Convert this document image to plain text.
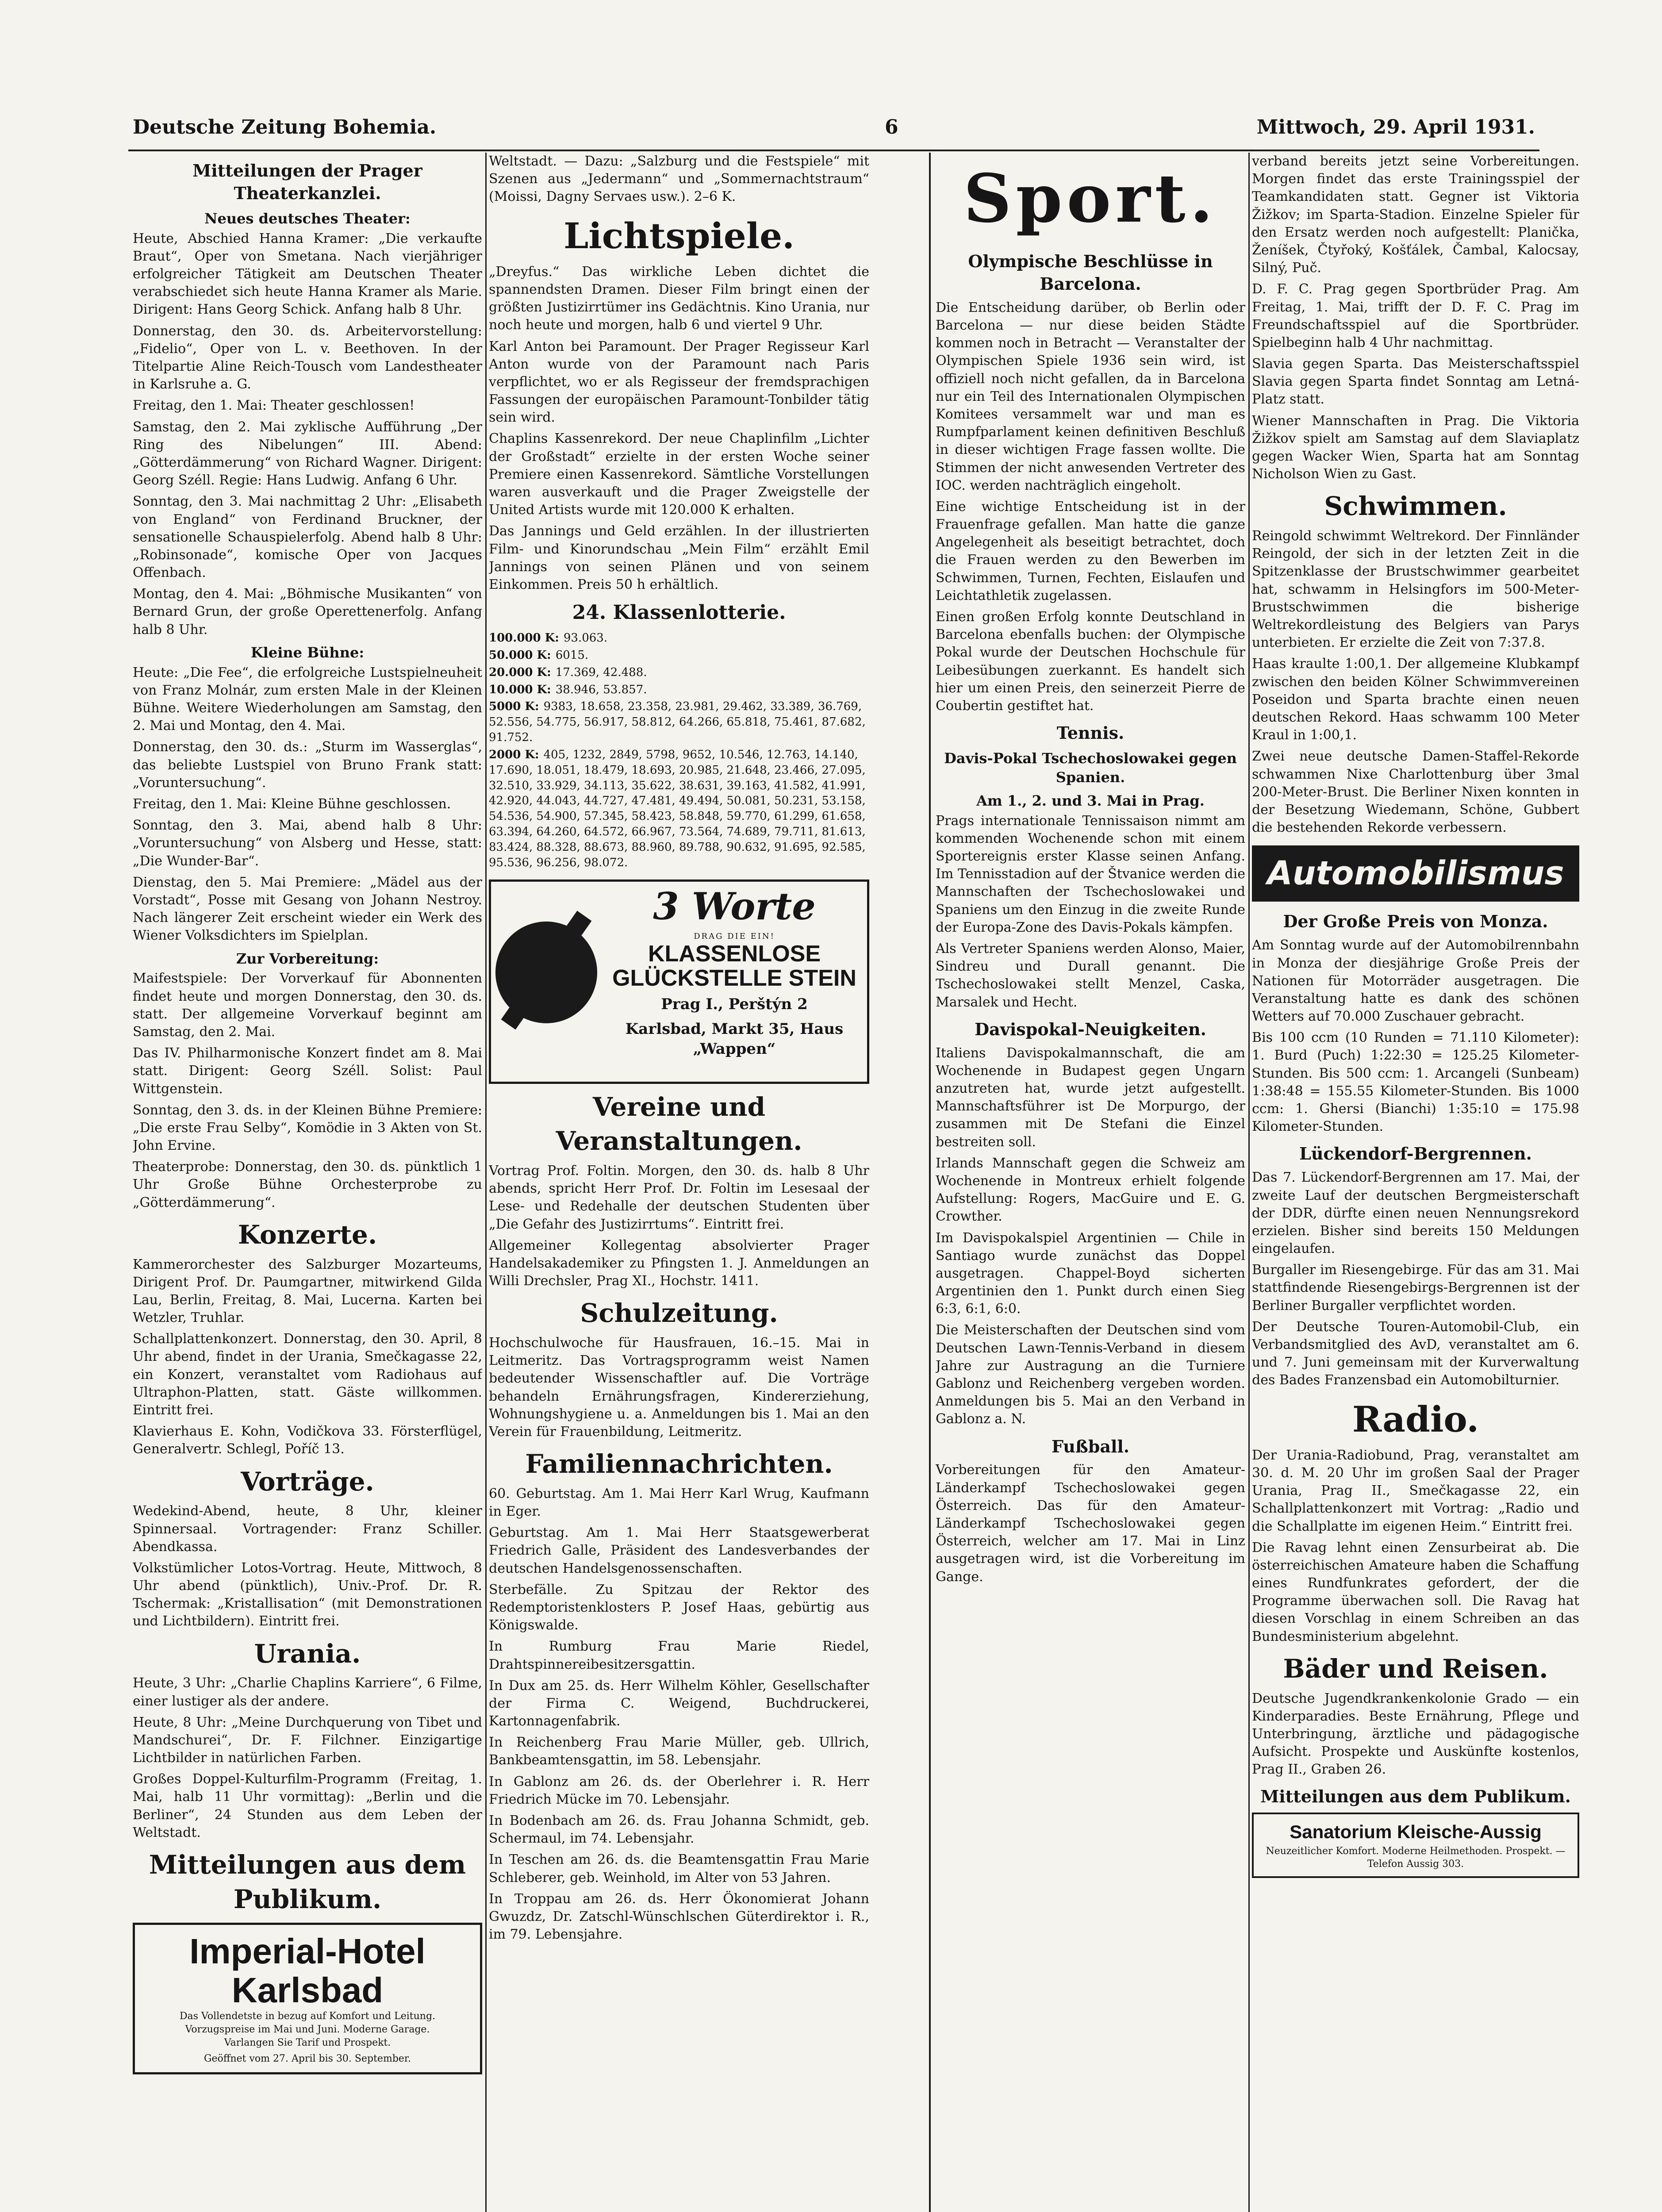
Deutsche Zeitung Bohemia.	6	Mittwoch, 29. April 1931.
Mitteilungen der Prager Theaterkanzlei.
Neues deutsches Theater:

Heute, Abschied Hanna Kramer: „Die verkaufte Braut“, Oper von Smetana. Nach vierjähriger erfolgreicher Tätigkeit am Deutschen Theater verabschiedet sich heute Hanna Kramer als Marie. Dirigent: Hans Georg Schick. Anfang halb 8 Uhr.

Donnerstag, den 30. ds. Arbeitervorstellung: „Fidelio“, Oper von L. v. Beethoven. In der Titelpartie Aline Reich-Tousch vom Landestheater in Karlsruhe a. G.

Freitag, den 1. Mai: Theater geschlossen!

Samstag, den 2. Mai zyklische Aufführung „Der Ring des Nibelungen“ III. Abend: „Götterdämmerung“ von Richard Wagner. Dirigent: Georg Széll. Regie: Hans Ludwig. Anfang 6 Uhr.

Sonntag, den 3. Mai nachmittag 2 Uhr: „Elisabeth von England“ von Ferdinand Bruckner, der sensationelle Schauspielerfolg. Abend halb 8 Uhr: „Robinsonade“, komische Oper von Jacques Offenbach.

Montag, den 4. Mai: „Böhmische Musikanten“ von Bernard Grun, der große Operettenerfolg. Anfang halb 8 Uhr.

Kleine Bühne:

Heute: „Die Fee“, die erfolgreiche Lustspielneuheit von Franz Molnár, zum ersten Male in der Kleinen Bühne. Weitere Wiederholungen am Samstag, den 2. Mai und Montag, den 4. Mai.

Donnerstag, den 30. ds.: „Sturm im Wasserglas“, das beliebte Lustspiel von Bruno Frank statt: „Voruntersuchung“.

Freitag, den 1. Mai: Kleine Bühne geschlossen.

Sonntag, den 3. Mai, abend halb 8 Uhr: „Voruntersuchung“ von Alsberg und Hesse, statt: „Die Wunder-Bar“.

Dienstag, den 5. Mai Premiere: „Mädel aus der Vorstadt“, Posse mit Gesang von Johann Nestroy. Nach längerer Zeit erscheint wieder ein Werk des Wiener Volksdichters im Spielplan.

Zur Vorbereitung:

Maifestspiele: Der Vorverkauf für Abonnenten findet heute und morgen Donnerstag, den 30. ds. statt. Der allgemeine Vorverkauf beginnt am Samstag, den 2. Mai.

Das IV. Philharmonische Konzert findet am 8. Mai statt. Dirigent: Georg Széll. Solist: Paul Wittgenstein.

Sonntag, den 3. ds. in der Kleinen Bühne Premiere: „Die erste Frau Selby“, Komödie in 3 Akten von St. John Ervine.

Theaterprobe: Donnerstag, den 30. ds. pünktlich 1 Uhr Große Bühne Orchesterprobe zu „Götterdämmerung“.

Konzerte.

Kammerorchester des Salzburger Mozarteums, Dirigent Prof. Dr. Paumgartner, mitwirkend Gilda Lau, Berlin, Freitag, 8. Mai, Lucerna. Karten bei Wetzler, Truhlar.

Schallplattenkonzert. Donnerstag, den 30. April, 8 Uhr abend, findet in der Urania, Smečkagasse 22, ein Konzert, veranstaltet vom Radiohaus auf Ultraphon-Platten, statt. Gäste willkommen. Eintritt frei.

Klavierhaus E. Kohn, Vodičkova 33. Försterflügel, Generalvertr. Schlegl, Poříč 13.

Vorträge.

Wedekind-Abend, heute, 8 Uhr, kleiner Spinnersaal. Vortragender: Franz Schiller. Abendkassa.

Volkstümlicher Lotos-Vortrag. Heute, Mittwoch, 8 Uhr abend (pünktlich), Univ.-Prof. Dr. R. Tschermak: „Kristallisation“ (mit Demonstrationen und Lichtbildern). Eintritt frei.

Urania.

Heute, 3 Uhr: „Charlie Chaplins Karriere“, 6 Filme, einer lustiger als der andere.

Heute, 8 Uhr: „Meine Durchquerung von Tibet und Mandschurei“, Dr. F. Filchner. Einzigartige Lichtbilder in natürlichen Farben.

Großes Doppel-Kulturfilm-Programm (Freitag, 1. Mai, halb 11 Uhr vormittag): „Berlin und die Berliner“, 24 Stunden aus dem Leben der Weltstadt.

Mitteilungen aus dem Publikum.
Imperial-Hotel Karlsbad
Das Vollendetste in bezug auf Komfort und Leitung.
Vorzugspreise im Mai und Juni. Moderne Garage.
Varlangen Sie Tarif und Prospekt.
Geöffnet vom 27. April bis 30. September.

Weltstadt. — Dazu: „Salzburg und die Festspiele“ mit Szenen aus „Jedermann“ und „Sommernachtstraum“ (Moissi, Dagny Servaes usw.). 2–6 K.

Lichtspiele.

„Dreyfus.“ Das wirkliche Leben dichtet die spannendsten Dramen. Dieser Film bringt einen der größten Justizirrtümer ins Gedächtnis. Kino Urania, nur noch heute und morgen, halb 6 und viertel 9 Uhr.

Karl Anton bei Paramount. Der Prager Regisseur Karl Anton wurde von der Paramount nach Paris verpflichtet, wo er als Regisseur der fremdsprachigen Fassungen der europäischen Paramount-Tonbilder tätig sein wird.

Chaplins Kassenrekord. Der neue Chaplinfilm „Lichter der Großstadt“ erzielte in der ersten Woche seiner Premiere einen Kassenrekord. Sämtliche Vorstellungen waren ausverkauft und die Prager Zweigstelle der United Artists wurde mit 120.000 K erhalten.

Das Jannings und Geld erzählen. In der illustrierten Film- und Kinorundschau „Mein Film“ erzählt Emil Jannings von seinen Plänen und von seinem Einkommen. Preis 50 h erhältlich.

24. Klassenlotterie.
100.000 K: 93.063.
50.000 K: 6015.
20.000 K: 17.369, 42.488.
10.000 K: 38.946, 53.857.
5000 K: 9383, 18.658, 23.358, 23.981, 29.462, 33.389, 36.769, 52.556, 54.775, 56.917, 58.812, 64.266, 65.818, 75.461, 87.682, 91.752.
2000 K: 405, 1232, 2849, 5798, 9652, 10.546, 12.763, 14.140, 17.690, 18.051, 18.479, 18.693, 20.985, 21.648, 23.466, 27.095, 32.510, 33.929, 34.113, 35.622, 38.631, 39.163, 41.582, 41.991, 42.920, 44.043, 44.727, 47.481, 49.494, 50.081, 50.231, 53.158, 54.536, 54.900, 57.345, 58.423, 58.848, 59.770, 61.299, 61.658, 63.394, 64.260, 64.572, 66.967, 73.564, 74.689, 79.711, 81.613, 83.424, 88.328, 88.673, 88.960, 89.788, 90.632, 91.695, 92.585, 95.536, 96.256, 98.072.
3 Worte
DRAG DIE EIN!
KLASSENLOSE GLÜCKSTELLE STEIN
Prag I., Perštýn 2
Karlsbad, Markt 35, Haus „Wappen“
Vereine und Veranstaltungen.

Vortrag Prof. Foltin. Morgen, den 30. ds. halb 8 Uhr abends, spricht Herr Prof. Dr. Foltin im Lesesaal der Lese- und Redehalle der deutschen Studenten über „Die Gefahr des Justizirrtums“. Eintritt frei.

Allgemeiner Kollegentag absolvierter Prager Handelsakademiker zu Pfingsten 1. J. Anmeldungen an Willi Drechsler, Prag XI., Hochstr. 1411.

Schulzeitung.

Hochschulwoche für Hausfrauen, 16.–15. Mai in Leitmeritz. Das Vortragsprogramm weist Namen bedeutender Wissenschaftler auf. Die Vorträge behandeln Ernährungsfragen, Kindererziehung, Wohnungshygiene u. a. Anmeldungen bis 1. Mai an den Verein für Frauenbildung, Leitmeritz.

Familiennachrichten.

60. Geburtstag. Am 1. Mai Herr Karl Wrug, Kaufmann in Eger.

Geburtstag. Am 1. Mai Herr Staatsgewerberat Friedrich Galle, Präsident des Landesverbandes der deutschen Handelsgenossenschaften.

Sterbefälle. Zu Spitzau der Rektor des Redemptoristenklosters P. Josef Haas, gebürtig aus Königswalde.

In Rumburg Frau Marie Riedel, Drahtspinnereibesitzersgattin.

In Dux am 25. ds. Herr Wilhelm Köhler, Gesellschafter der Firma C. Weigend, Buchdruckerei, Kartonnagenfabrik.

In Reichenberg Frau Marie Müller, geb. Ullrich, Bankbeamtensgattin, im 58. Lebensjahr.

In Gablonz am 26. ds. der Oberlehrer i. R. Herr Friedrich Mücke im 70. Lebensjahr.

In Bodenbach am 26. ds. Frau Johanna Schmidt, geb. Schermaul, im 74. Lebensjahr.

In Teschen am 26. ds. die Beamtensgattin Frau Marie Schleberer, geb. Weinhold, im Alter von 53 Jahren.

In Troppau am 26. ds. Herr Ökonomierat Johann Gwuzdz, Dr. Zatschl-Wünschlschen Güterdirektor i. R., im 79. Lebensjahre.

Sport.
Olympische Beschlüsse in Barcelona.

Die Entscheidung darüber, ob Berlin oder Barcelona — nur diese beiden Städte kommen noch in Betracht — Veranstalter der Olympischen Spiele 1936 sein wird, ist offiziell noch nicht gefallen, da in Barcelona nur ein Teil des Internationalen Olympischen Komitees versammelt war und man es Rumpfparlament keinen definitiven Beschluß in dieser wichtigen Frage fassen wollte. Die Stimmen der nicht anwesenden Vertreter des IOC. werden nachträglich eingeholt.

Eine wichtige Entscheidung ist in der Frauenfrage gefallen. Man hatte die ganze Angelegenheit als beseitigt betrachtet, doch die Frauen werden zu den Bewerben im Schwimmen, Turnen, Fechten, Eislaufen und Leichtathletik zugelassen.

Einen großen Erfolg konnte Deutschland in Barcelona ebenfalls buchen: der Olympische Pokal wurde der Deutschen Hochschule für Leibesübungen zuerkannt. Es handelt sich hier um einen Preis, den seinerzeit Pierre de Coubertin gestiftet hat.

Tennis.
Davis-Pokal Tschechoslowakei gegen Spanien.
Am 1., 2. und 3. Mai in Prag.

Prags internationale Tennissaison nimmt am kommenden Wochenende schon mit einem Sportereignis erster Klasse seinen Anfang. Im Tennisstadion auf der Štvanice werden die Mannschaften der Tschechoslowakei und Spaniens um den Einzug in die zweite Runde der Europa-Zone des Davis-Pokals kämpfen.

Als Vertreter Spaniens werden Alonso, Maier, Sindreu und Durall genannt. Die Tschechoslowakei stellt Menzel, Caska, Marsalek und Hecht.

Davispokal-Neuigkeiten.

Italiens Davispokalmannschaft, die am Wochenende in Budapest gegen Ungarn anzutreten hat, wurde jetzt aufgestellt. Mannschaftsführer ist De Morpurgo, der zusammen mit De Stefani die Einzel bestreiten soll.

Irlands Mannschaft gegen die Schweiz am Wochenende in Montreux erhielt folgende Aufstellung: Rogers, MacGuire und E. G. Crowther.

Im Davispokalspiel Argentinien — Chile in Santiago wurde zunächst das Doppel ausgetragen. Chappel-Boyd sicherten Argentinien den 1. Punkt durch einen Sieg 6:3, 6:1, 6:0.

Die Meisterschaften der Deutschen sind vom Deutschen Lawn-Tennis-Verband in diesem Jahre zur Austragung an die Turniere Gablonz und Reichenberg vergeben worden. Anmeldungen bis 5. Mai an den Verband in Gablonz a. N.

Fußball.

Vorbereitungen für den Amateur-Länderkampf Tschechoslowakei gegen Österreich. Das für den Amateur-Länderkampf Tschechoslowakei gegen Österreich, welcher am 17. Mai in Linz ausgetragen wird, ist die Vorbereitung im Gange.

verband bereits jetzt seine Vorbereitungen. Morgen findet das erste Trainingsspiel der Teamkandidaten statt. Gegner ist Viktoria Žižkov; im Sparta-Stadion. Einzelne Spieler für den Ersatz werden noch aufgestellt: Planička, Ženíšek, Čtyřoký, Košťálek, Čambal, Kalocsay, Silný, Puč.

D. F. C. Prag gegen Sportbrüder Prag. Am Freitag, 1. Mai, trifft der D. F. C. Prag im Freundschaftsspiel auf die Sportbrüder. Spielbeginn halb 4 Uhr nachmittag.

Slavia gegen Sparta. Das Meisterschaftsspiel Slavia gegen Sparta findet Sonntag am Letná-Platz statt.

Wiener Mannschaften in Prag. Die Viktoria Žižkov spielt am Samstag auf dem Slaviaplatz gegen Wacker Wien, Sparta hat am Sonntag Nicholson Wien zu Gast.

Schwimmen.

Reingold schwimmt Weltrekord. Der Finnländer Reingold, der sich in der letzten Zeit in die Spitzenklasse der Brustschwimmer gearbeitet hat, schwamm in Helsingfors im 500-Meter-Brustschwimmen die bisherige Weltrekordleistung des Belgiers van Parys unterbieten. Er erzielte die Zeit von 7:37.8.

Haas kraulte 1:00,1. Der allgemeine Klubkampf zwischen den beiden Kölner Schwimmvereinen Poseidon und Sparta brachte einen neuen deutschen Rekord. Haas schwamm 100 Meter Kraul in 1:00,1.

Zwei neue deutsche Damen-Staffel-Rekorde schwammen Nixe Charlottenburg über 3mal 200-Meter-Brust. Die Berliner Nixen konnten in der Besetzung Wiedemann, Schöne, Gubbert die bestehenden Rekorde verbessern.

Automobilismus
Der Große Preis von Monza.

Am Sonntag wurde auf der Automobilrennbahn in Monza der diesjährige Große Preis der Nationen für Motorräder ausgetragen. Die Veranstaltung hatte es dank des schönen Wetters auf 70.000 Zuschauer gebracht.

Bis 100 ccm (10 Runden = 71.110 Kilometer): 1. Burd (Puch) 1:22:30 = 125.25 Kilometer-Stunden. Bis 500 ccm: 1. Arcangeli (Sunbeam) 1:38:48 = 155.55 Kilometer-Stunden. Bis 1000 ccm: 1. Ghersi (Bianchi) 1:35:10 = 175.98 Kilometer-Stunden.

Lückendorf-Bergrennen.

Das 7. Lückendorf-Bergrennen am 17. Mai, der zweite Lauf der deutschen Bergmeisterschaft der DDR, dürfte einen neuen Nennungsrekord erzielen. Bisher sind bereits 150 Meldungen eingelaufen.

Burgaller im Riesengebirge. Für das am 31. Mai stattfindende Riesengebirgs-Bergrennen ist der Berliner Burgaller verpflichtet worden.

Der Deutsche Touren-Automobil-Club, ein Verbandsmitglied des AvD, veranstaltet am 6. und 7. Juni gemeinsam mit der Kurverwaltung des Bades Franzensbad ein Automobilturnier.

Radio.

Der Urania-Radiobund, Prag, veranstaltet am 30. d. M. 20 Uhr im großen Saal der Prager Urania, Prag II., Smečkagasse 22, ein Schallplattenkonzert mit Vortrag: „Radio und die Schallplatte im eigenen Heim.“ Eintritt frei.

Die Ravag lehnt einen Zensurbeirat ab. Die österreichischen Amateure haben die Schaffung eines Rundfunkrates gefordert, der die Programme überwachen soll. Die Ravag hat diesen Vorschlag in einem Schreiben an das Bundesministerium abgelehnt.

Bäder und Reisen.

Deutsche Jugendkrankenkolonie Grado — ein Kinderparadies. Beste Ernährung, Pflege und Unterbringung, ärztliche und pädagogische Aufsicht. Prospekte und Auskünfte kostenlos, Prag II., Graben 26.

Mitteilungen aus dem Publikum.
Sanatorium Kleische-Aussig
Neuzeitlicher Komfort. Moderne Heilmethoden. Prospekt. — Telefon Aussig 303.
